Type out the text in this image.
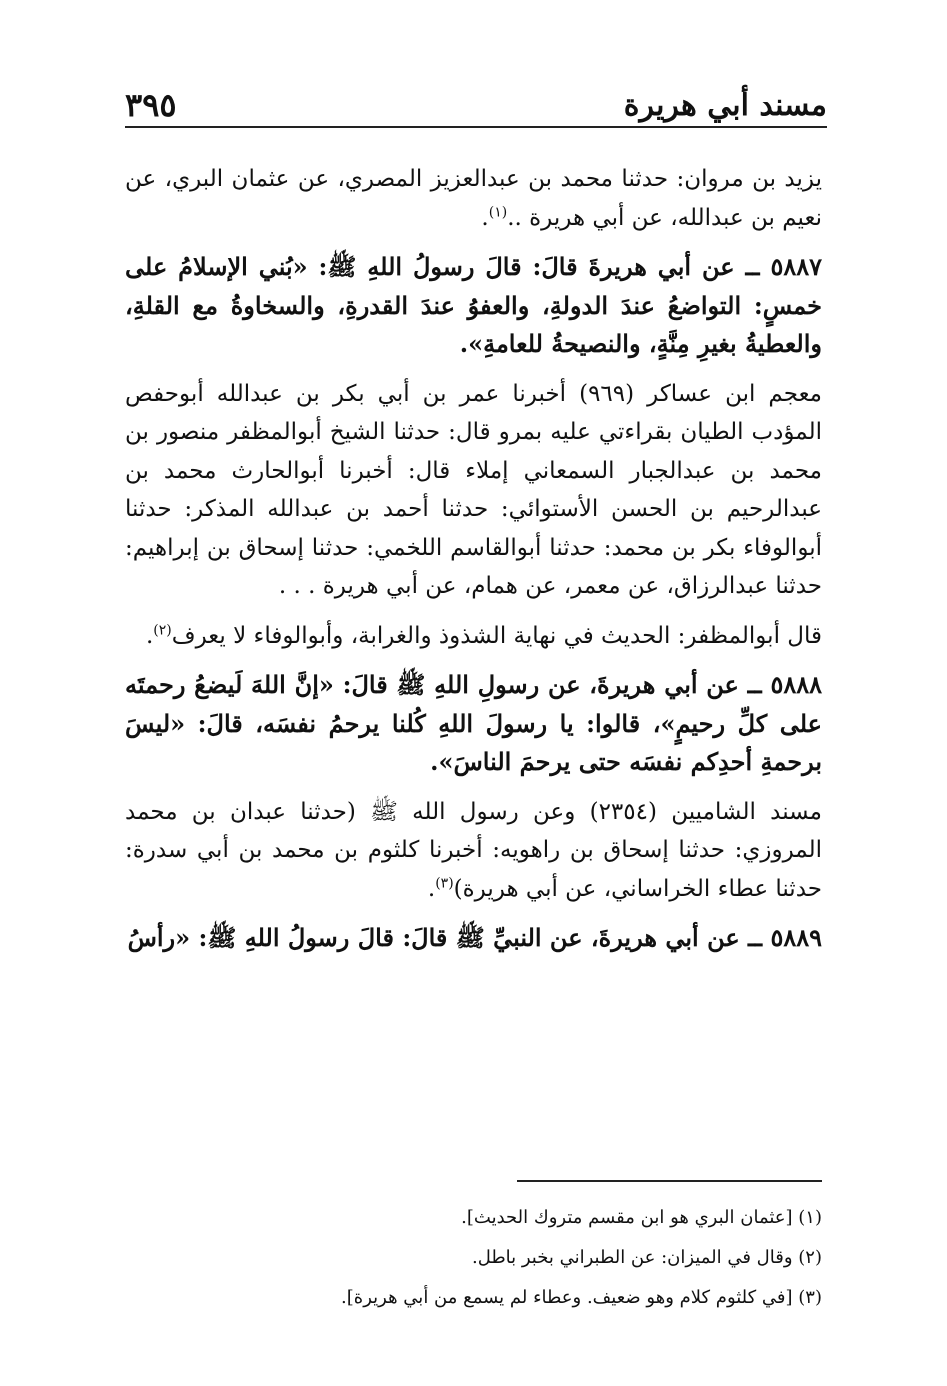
مسند أبي هريرة
٣٩٥

يزيد بن مروان: حدثنا محمد بن عبدالعزيز المصري، عن عثمان البري، عن نعيم بن عبدالله، عن أبي هريرة ..$^{(١)}$.

٥٨٨٧ ــ عن أبي هريرةَ قالَ: قالَ رسولُ اللهِ ﷺ: «بُني الإسلامُ على خمسٍ: التواضعُ عندَ الدولةِ، والعفوُ عندَ القدرةِ، والسخاوةُ مع القلةِ، والعطيةُ بغيرِ مِنَّةٍ، والنصيحةُ للعامةِ».

معجم ابن عساكر (٩٦٩) أخبرنا عمر بن أبي بكر بن عبدالله أبوحفص المؤدب الطيان بقراءتي عليه بمرو قال: حدثنا الشيخ أبوالمظفر منصور بن محمد بن عبدالجبار السمعاني إملاء قال: أخبرنا أبوالحارث محمد بن عبدالرحيم بن الحسن الأستوائي: حدثنا أحمد بن عبدالله المذكر: حدثنا أبوالوفاء بكر بن محمد: حدثنا أبوالقاسم اللخمي: حدثنا إسحاق بن إبراهيم: حدثنا عبدالرزاق، عن معمر، عن همام، عن أبي هريرة . . .

قال أبوالمظفر: الحديث في نهاية الشذوذ والغرابة، وأبوالوفاء لا يعرف$^{(٢)}$.

٥٨٨٨ ــ عن أبي هريرةَ، عن رسولِ اللهِ ﷺ قالَ: «إنَّ اللهَ لَيضعُ رحمتَه على كلِّ رحيمٍ»، قالوا: يا رسولَ اللهِ كُلنا يرحمُ نفسَه، قالَ: «ليسَ برحمةِ أحدِكم نفسَه حتى يرحمَ الناسَ».

مسند الشاميين (٢٣٥٤) وعن رسول الله ﷺ (حدثنا عبدان بن محمد المروزي: حدثنا إسحاق بن راهويه: أخبرنا كلثوم بن محمد بن أبي سدرة: حدثنا عطاء الخراساني، عن أبي هريرة)$^{(٣)}$.

٥٨٨٩ ــ عن أبي هريرةَ، عن النبيِّ ﷺ قالَ: قالَ رسولُ اللهِ ﷺ: «رأسُ

(١) [عثمان البري هو ابن مقسم متروك الحديث].

(٢) وقال في الميزان: عن الطبراني بخبر باطل.

(٣) [في كلثوم كلام وهو ضعيف. وعطاء لم يسمع من أبي هريرة].
